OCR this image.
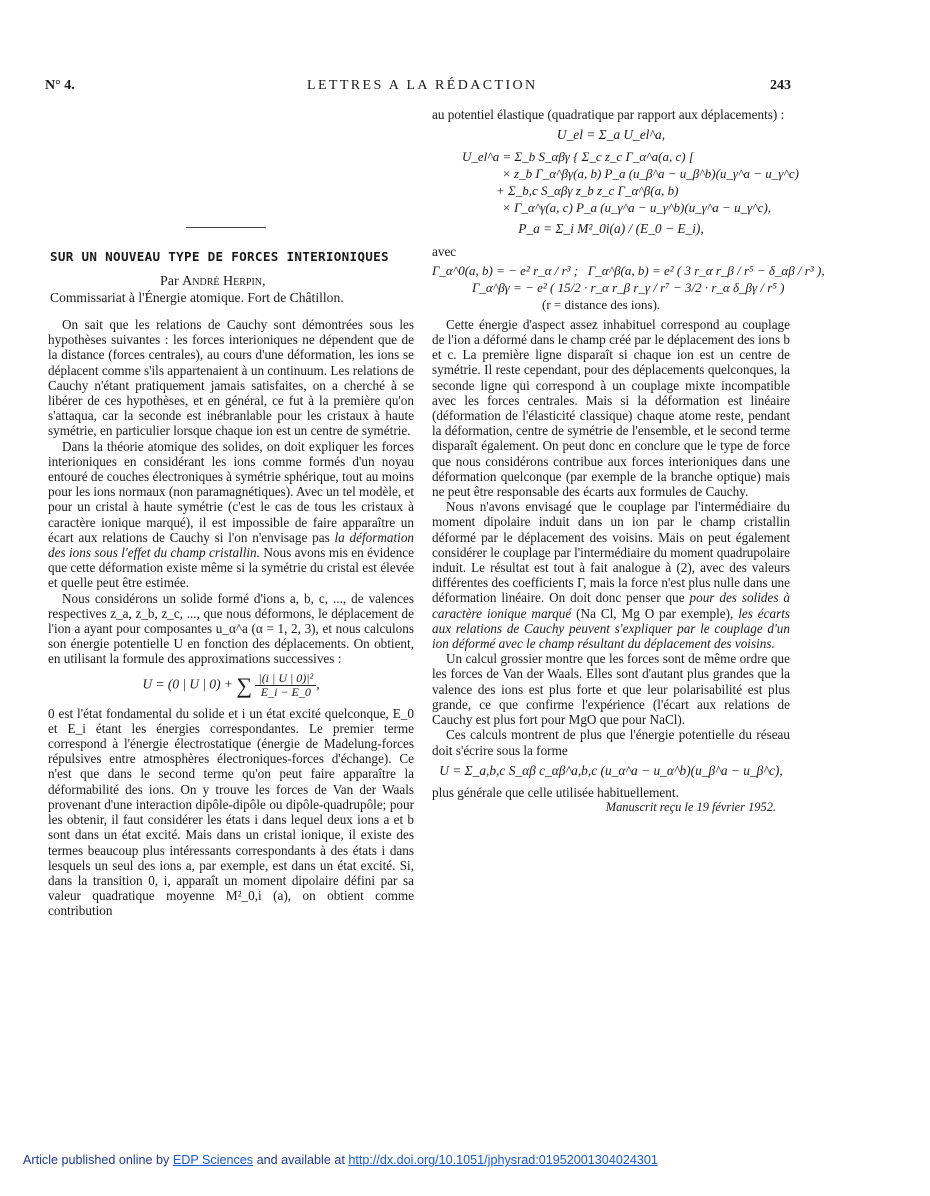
N° 4.	LETTRES A LA RÉDACTION	243
SUR UN NOUVEAU TYPE DE FORCES INTERIONIQUES
Par André Herpin,
Commissariat à l'Énergie atomique. Fort de Châtillon.

On sait que les relations de Cauchy sont démontrées sous les hypothèses suivantes : les forces interioniques ne dépendent que de la distance (forces centrales), au cours d'une déformation, les ions se déplacent comme s'ils appartenaient à un continuum. Les relations de Cauchy n'étant pratiquement jamais satisfaites, on a cherché à se libérer de ces hypothèses, et en général, ce fut à la première qu'on s'attaqua, car la seconde est inébranlable pour les cristaux à haute symétrie, en particulier lorsque chaque ion est un centre de symétrie.

Dans la théorie atomique des solides, on doit expliquer les forces interioniques en considérant les ions comme formés d'un noyau entouré de couches électroniques à symétrie sphérique, tout au moins pour les ions normaux (non paramagnétiques). Avec un tel modèle, et pour un cristal à haute symétrie (c'est le cas de tous les cristaux à caractère ionique marqué), il est impossible de faire apparaître un écart aux relations de Cauchy si l'on n'envisage pas la déformation des ions sous l'effet du champ cristallin. Nous avons mis en évidence que cette déformation existe même si la symétrie du cristal est élevée et quelle peut être estimée.

Nous considérons un solide formé d'ions a, b, c, ..., de valences respectives z_a, z_b, z_c, ..., que nous déformons, le déplacement de l'ion a ayant pour composantes u_α^a (α = 1, 2, 3), et nous calculons son énergie potentielle U en fonction des déplacements. On obtient, en utilisant la formule des approximations successives :

U = (0 | U | 0) + ∑ $\frac{\text{|(i | U | 0)|²}}{E\_i - E\_0}$ ,

0 est l'état fondamental du solide et i un état excité quelconque, E_0 et E_i étant les énergies correspondantes. Le premier terme correspond à l'énergie électrostatique (énergie de Madelung-forces répulsives entre atmosphères électroniques-forces d'échange). Ce n'est que dans le second terme qu'on peut faire apparaître la déformabilité des ions. On y trouve les forces de Van der Waals provenant d'une interaction dipôle-dipôle ou dipôle-quadrupôle; pour les obtenir, il faut considérer les états i dans lequel deux ions a et b sont dans un état excité. Mais dans un cristal ionique, il existe des termes beaucoup plus intéressants correspondants à des états i dans lesquels un seul des ions a, par exemple, est dans un état excité. Si, dans la transition 0, i, apparaît un moment dipolaire défini par sa valeur quadratique moyenne M²_0,i (a), on obtient comme contribution

au potentiel élastique (quadratique par rapport aux déplacements) :

U_el = Σ_a U_el^a,
U_el^a = Σ_b S_αβγ { Σ_c z_c Γ_α^a(a, c) [
× z_b Γ_α^βγ(a, b) P_a (u_β^a − u_β^b)(u_γ^a − u_γ^c)
+ Σ_b,c S_αβγ z_b z_c Γ_α^β(a, b)
× Γ_α^γ(a, c) P_a (u_γ^a − u_γ^b)(u_γ^a − u_γ^c),
P_a = Σ_i M²_0i(a) / (E_0 − E_i),

avec

Γ_α^0(a, b) = − e² r_α / r³ ; Γ_α^β(a, b) = e² ( 3 r_α r_β / r⁵ − δ_αβ / r³ ),
Γ_α^βγ = − e² ( 15/2 · r_α r_β r_γ / r⁷ − 3/2 · r_α δ_βγ / r⁵ )
(r = distance des ions).

Cette énergie d'aspect assez inhabituel correspond au couplage de l'ion a déformé dans le champ créé par le déplacement des ions b et c. La première ligne disparaît si chaque ion est un centre de symétrie. Il reste cependant, pour des déplacements quelconques, la seconde ligne qui correspond à un couplage mixte incompatible avec les forces centrales. Mais si la déformation est linéaire (déformation de l'élasticité classique) chaque atome reste, pendant la déformation, centre de symétrie de l'ensemble, et le second terme disparaît également. On peut donc en conclure que le type de force que nous considérons contribue aux forces interioniques dans une déformation quelconque (par exemple de la branche optique) mais ne peut être responsable des écarts aux formules de Cauchy.

Nous n'avons envisagé que le couplage par l'intermédiaire du moment dipolaire induit dans un ion par le champ cristallin déformé par le déplacement des voisins. Mais on peut également considérer le couplage par l'intermédiaire du moment quadrupolaire induit. Le résultat est tout à fait analogue à (2), avec des valeurs différentes des coefficients Γ, mais la force n'est plus nulle dans une déformation linéaire. On doit donc penser que pour des solides à caractère ionique marqué (Na Cl, Mg O par exemple), les écarts aux relations de Cauchy peuvent s'expliquer par le couplage d'un ion déformé avec le champ résultant du déplacement des voisins.

Un calcul grossier montre que les forces sont de même ordre que les forces de Van der Waals. Elles sont d'autant plus grandes que la valence des ions est plus forte et que leur polarisabilité est plus grande, ce que confirme l'expérience (l'écart aux relations de Cauchy est plus fort pour MgO que pour NaCl).

Ces calculs montrent de plus que l'énergie potentielle du réseau doit s'écrire sous la forme

U = Σ_a,b,c S_αβ c_αβ^a,b,c (u_α^a − u_α^b)(u_β^a − u_β^c),

plus générale que celle utilisée habituellement.

Manuscrit reçu le 19 février 1952.

Article published online by EDP Sciences and available at http://dx.doi.org/10.1051/jphysrad:01952001304024301
